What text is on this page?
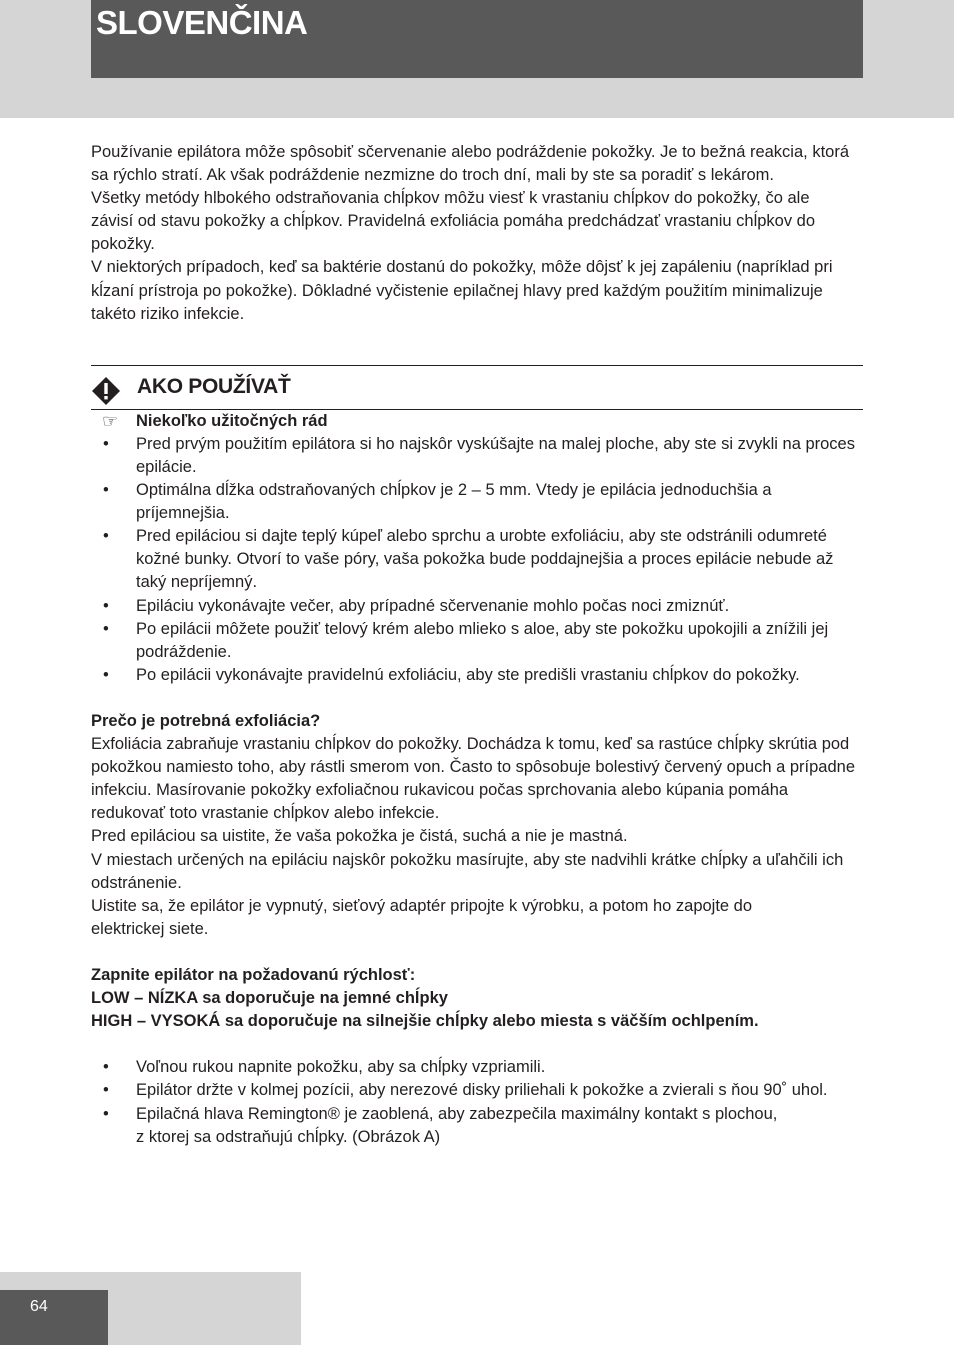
SLOVENČINA

Používanie epilátora môže spôsobiť sčervenanie alebo podráždenie pokožky. Je to bežná reakcia, ktorá sa rýchlo stratí. Ak však podráždenie nezmizne do troch dní, mali by ste sa poradiť s lekárom.

Všetky metódy hlbokého odstraňovania chĺpkov môžu viesť k vrastaniu chĺpkov do pokožky, čo ale závisí od stavu pokožky a chĺpkov. Pravidelná exfoliácia pomáha predchádzať vrastaniu chĺpkov do pokožky.

V niektorých prípadoch, keď sa baktérie dostanú do pokožky, môže dôjsť k jej zapáleniu (napríklad pri kĺzaní prístroja po pokožke). Dôkladné vyčistenie epilačnej hlavy pred každým použitím minimalizuje takéto riziko infekcie.

AKO POUŽÍVAŤ
☞ Niekoľko užitočných rád
• Pred prvým použitím epilátora si ho najskôr vyskúšajte na malej ploche, aby ste si zvykli na proces epilácie.
• Optimálna dĺžka odstraňovaných chĺpkov je 2 – 5 mm. Vtedy je epilácia jednoduchšia a príjemnejšia.
• Pred epiláciou si dajte teplý kúpeľ alebo sprchu a urobte exfoliáciu, aby ste odstránili odumreté kožné bunky. Otvorí to vaše póry, vaša pokožka bude poddajnejšia a proces epilácie nebude až taký nepríjemný.
• Epiláciu vykonávajte večer, aby prípadné sčervenanie mohlo počas noci zmiznúť.
• Po epilácii môžete použiť telový krém alebo mlieko s aloe, aby ste pokožku upokojili a znížili jej podráždenie.
• Po epilácii vykonávajte pravidelnú exfoliáciu, aby ste predišli vrastaniu chĺpkov do pokožky.

Prečo je potrebná exfoliácia?

Exfoliácia zabraňuje vrastaniu chĺpkov do pokožky. Dochádza k tomu, keď sa rastúce chĺpky skrútia pod pokožkou namiesto toho, aby rástli smerom von. Často to spôsobuje bolestivý červený opuch a prípadne infekciu. Masírovanie pokožky exfoliačnou rukavicou počas sprchovania alebo kúpania pomáha redukovať toto vrastanie chĺpkov alebo infekcie.

Pred epiláciou sa uistite, že vaša pokožka je čistá, suchá a nie je mastná.

V miestach určených na epiláciu najskôr pokožku masírujte, aby ste nadvihli krátke chĺpky a uľahčili ich odstránenie.

Uistite sa, že epilátor je vypnutý, sieťový adaptér pripojte k výrobku, a potom ho zapojte do elektrickej siete.

Zapnite epilátor na požadovanú rýchlosť:

LOW – NÍZKA sa doporučuje na jemné chĺpky

HIGH – VYSOKÁ sa doporučuje na silnejšie chĺpky alebo miesta s väčším ochlpením.

• Voľnou rukou napnite pokožku, aby sa chĺpky vzpriamili.
• Epilátor držte v kolmej pozícii, aby nerezové disky priliehali k pokožke a zvierali s ňou 90˚ uhol.
• Epilačná hlava Remington® je zaoblená, aby zabezpečila maximálny kontakt s plochou, z ktorej sa odstraňujú chĺpky. (Obrázok A)
64
